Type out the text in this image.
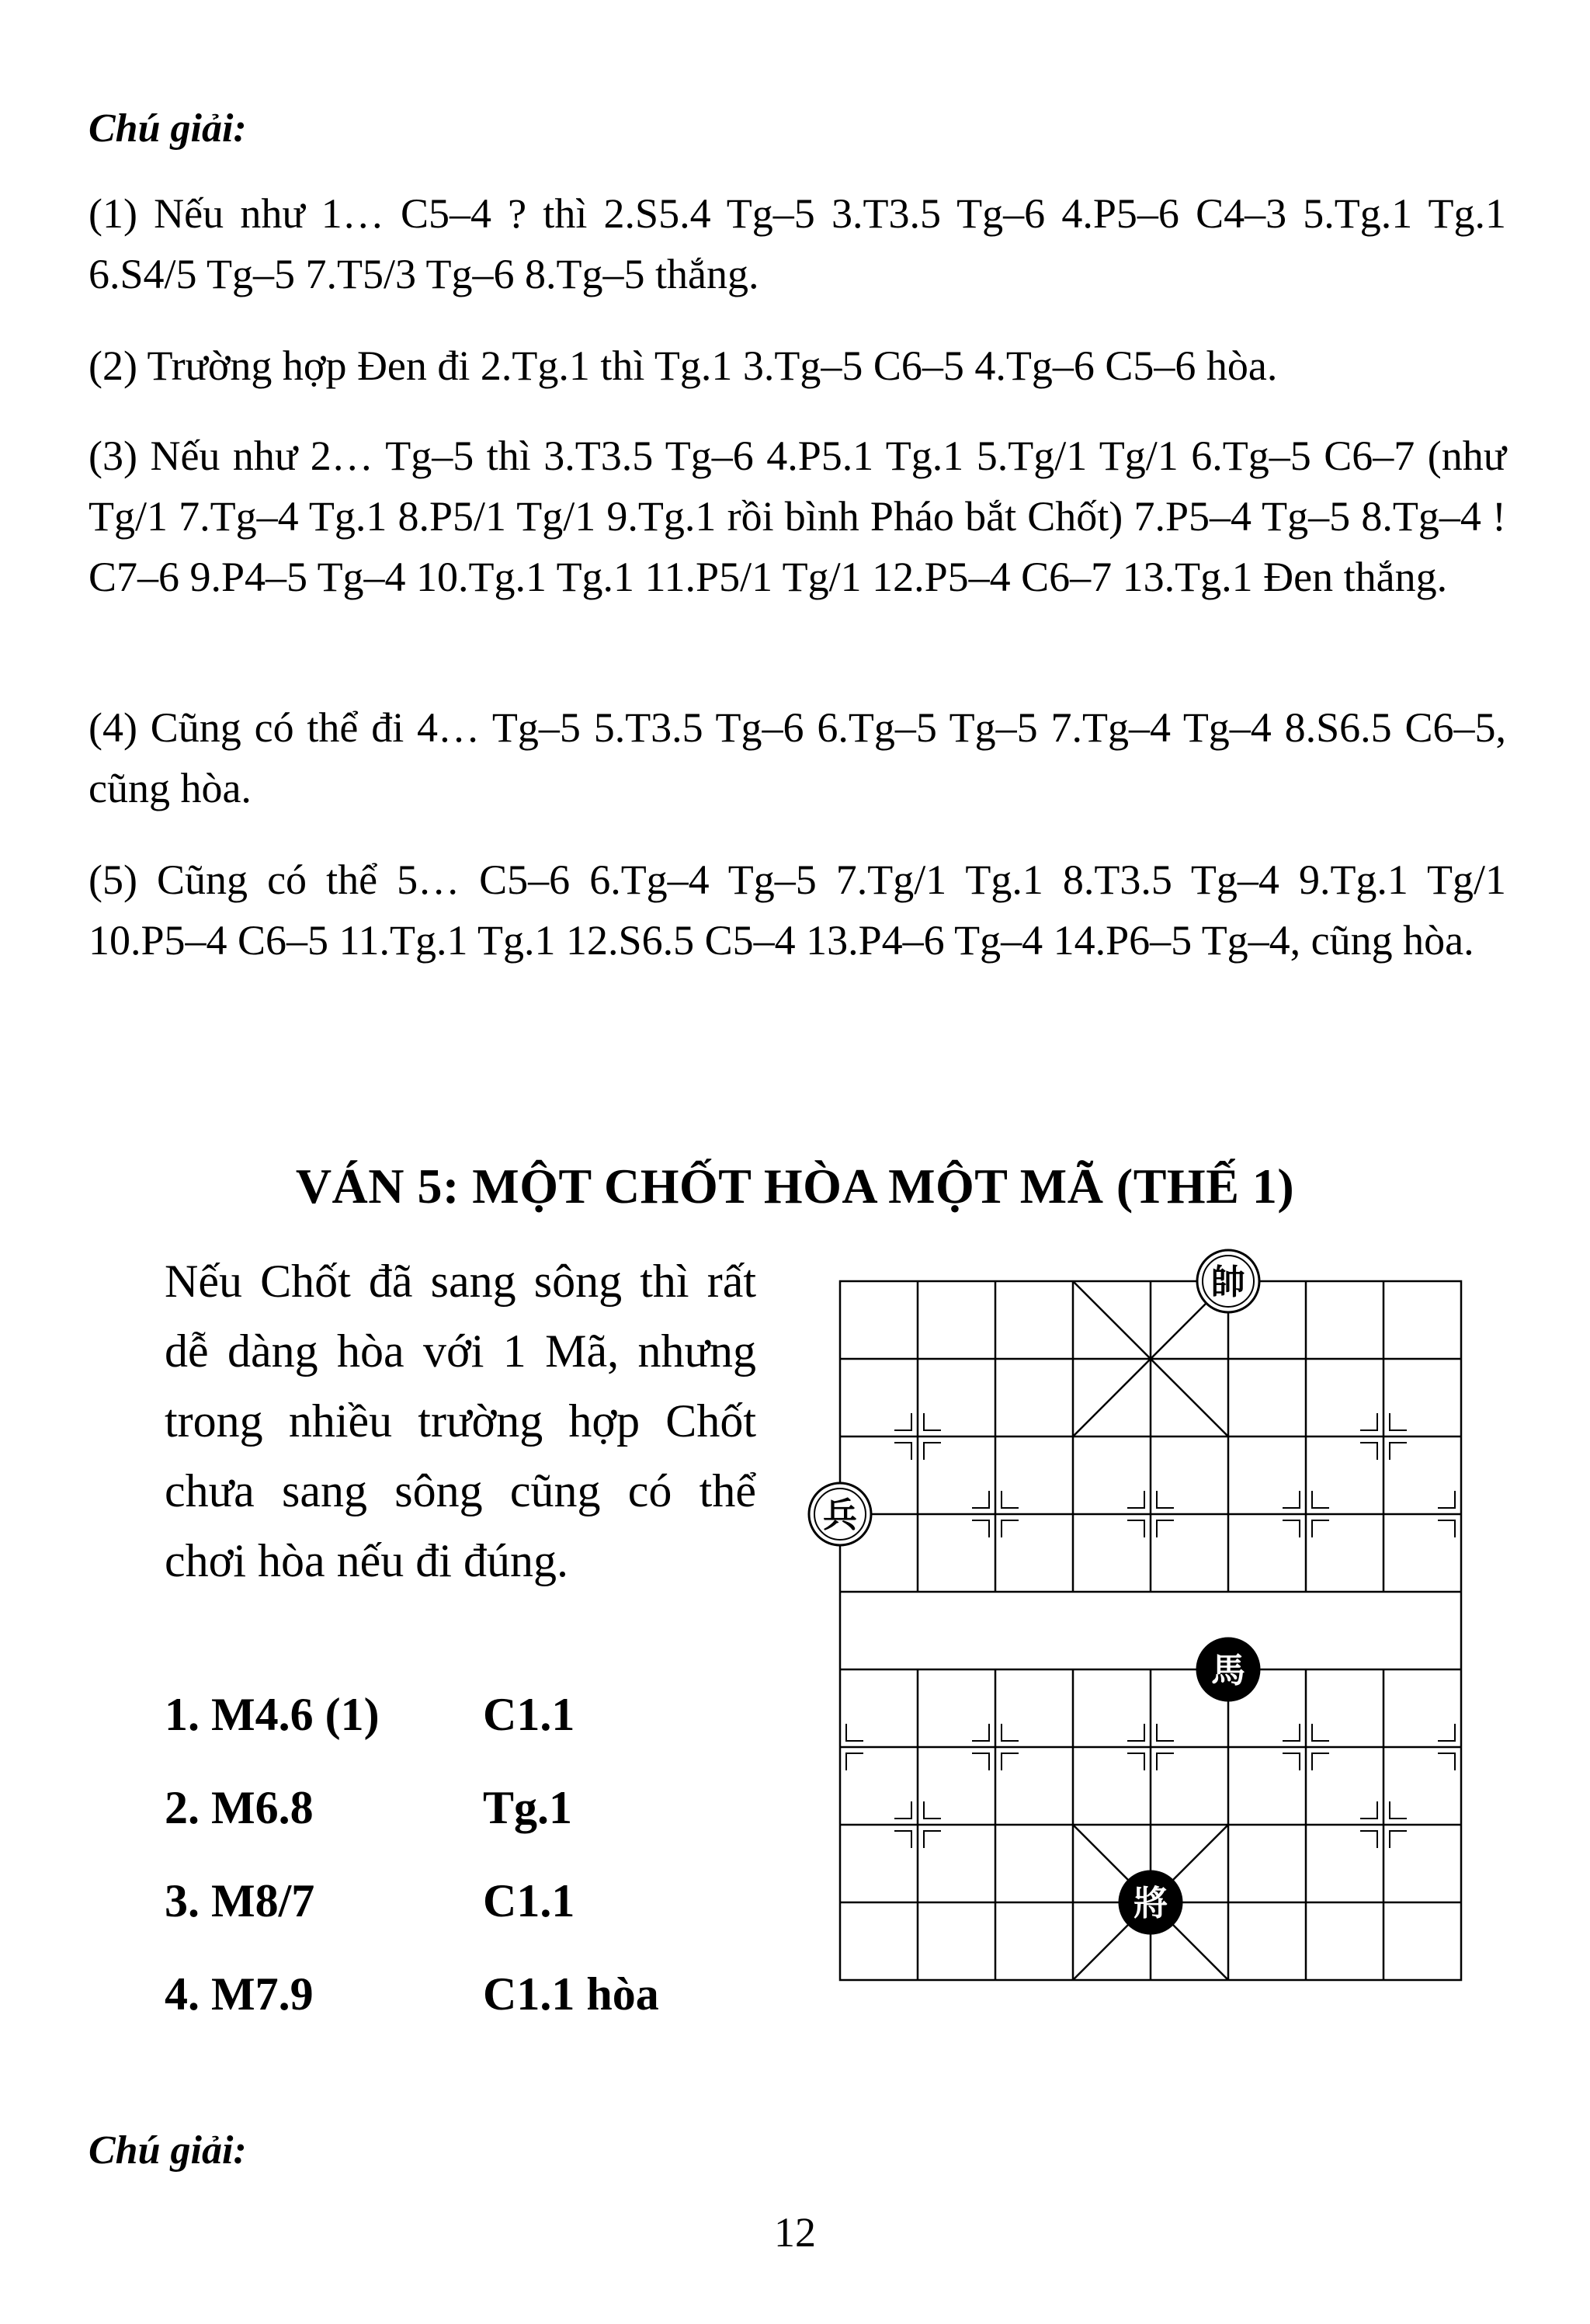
Chú giải:
(1) Nếu như 1… C5–4 ? thì 2.S5.4 Tg–5 3.T3.5 Tg–6 4.P5–6 C4–3 5.Tg.1 Tg.1 6.S4/5 Tg–5 7.T5/3 Tg–6 8.Tg–5 thắng.
(2) Trường hợp Đen đi 2.Tg.1 thì Tg.1 3.Tg–5 C6–5 4.Tg–6 C5–6 hòa.
(3) Nếu như 2… Tg–5 thì 3.T3.5 Tg–6 4.P5.1 Tg.1 5.Tg/1 Tg/1 6.Tg–5 C6–7 (như Tg/1 7.Tg–4 Tg.1 8.P5/1 Tg/1 9.Tg.1 rồi bình Pháo bắt Chốt) 7.P5–4 Tg–5 8.Tg–4 ! C7–6 9.P4–5 Tg–4 10.Tg.1 Tg.1 11.P5/1 Tg/1 12.P5–4 C6–7 13.Tg.1 Đen thắng.
(4) Cũng có thể đi 4… Tg–5 5.T3.5 Tg–6 6.Tg–5 Tg–5 7.Tg–4 Tg–4 8.S6.5 C6–5, cũng hòa.
(5) Cũng có thể 5… C5–6 6.Tg–4 Tg–5 7.Tg/1 Tg.1 8.T3.5 Tg–4 9.Tg.1 Tg/1 10.P5–4 C6–5 11.Tg.1 Tg.1 12.S6.5 C5–4 13.P4–6 Tg–4 14.P6–5 Tg–4, cũng hòa.
VÁN 5: MỘT CHỐT HÒA MỘT MÃ (THẾ 1)
Nếu Chốt đã sang sông thì rất dễ dàng hòa với 1 Mã, nhưng trong nhiều trường hợp Chốt chưa sang sông cũng có thể chơi hòa nếu đi đúng.
1. M4.6 (1) C1.1
2. M6.8	Tg.1
3. M8/7	C1.1
4. M7.9	C1.1 hòa
帥
兵
馬
將
Chú giải:
12
